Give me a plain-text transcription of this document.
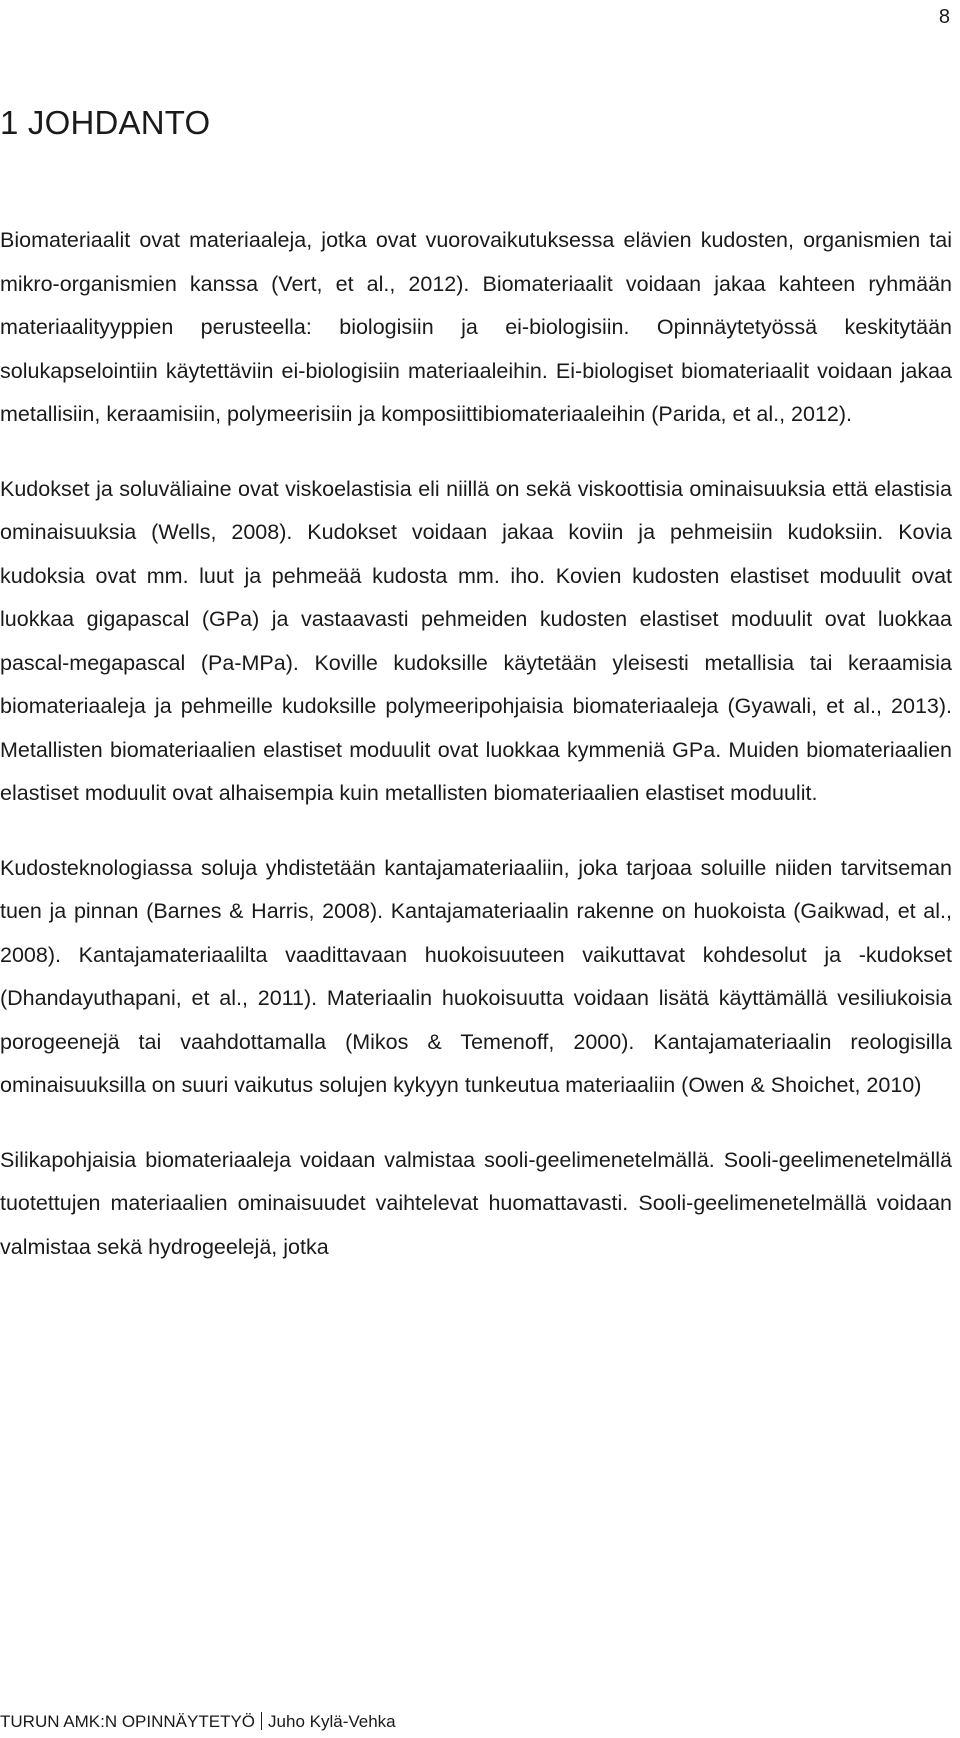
8
1 JOHDANTO

Biomateriaalit ovat materiaaleja, jotka ovat vuorovaikutuksessa elävien kudosten, organismien tai mikro-organismien kanssa (Vert, et al., 2012). Biomateriaalit voidaan jakaa kahteen ryhmään materiaalityyppien perusteella: biologisiin ja ei-biologisiin. Opinnäytetyössä keskitytään solukapselointiin käytettäviin ei-biologisiin materiaaleihin. Ei-biologiset biomateriaalit voidaan jakaa metallisiin, keraamisiin, polymeerisiin ja komposiittibiomateriaaleihin (Parida, et al., 2012).

Kudokset ja soluväliaine ovat viskoelastisia eli niillä on sekä viskoottisia ominaisuuksia että elastisia ominaisuuksia (Wells, 2008). Kudokset voidaan jakaa koviin ja pehmeisiin kudoksiin. Kovia kudoksia ovat mm. luut ja pehmeää kudosta mm. iho. Kovien kudosten elastiset moduulit ovat luokkaa gigapascal (GPa) ja vastaavasti pehmeiden kudosten elastiset moduulit ovat luokkaa pascal-megapascal (Pa-MPa). Koville kudoksille käytetään yleisesti metallisia tai keraamisia biomateriaaleja ja pehmeille kudoksille polymeeripohjaisia biomateriaaleja (Gyawali, et al., 2013). Metallisten biomateriaalien elastiset moduulit ovat luokkaa kymmeniä GPa. Muiden biomateriaalien elastiset moduulit ovat alhaisempia kuin metallisten biomateriaalien elastiset moduulit.

Kudosteknologiassa soluja yhdistetään kantajamateriaaliin, joka tarjoaa soluille niiden tarvitseman tuen ja pinnan (Barnes & Harris, 2008). Kantajamateriaalin rakenne on huokoista (Gaikwad, et al., 2008). Kantajamateriaalilta vaadittavaan huokoisuuteen vaikuttavat kohdesolut ja -kudokset (Dhandayuthapani, et al., 2011). Materiaalin huokoisuutta voidaan lisätä käyttämällä vesiliukoisia porogeenejä tai vaahdottamalla (Mikos & Temenoff, 2000). Kantajamateriaalin reologisilla ominaisuuksilla on suuri vaikutus solujen kykyyn tunkeutua materiaaliin (Owen & Shoichet, 2010)

Silikapohjaisia biomateriaaleja voidaan valmistaa sooli-geelimenetelmällä. Sooli-geelimenetelmällä tuotettujen materiaalien ominaisuudet vaihtelevat huomattavasti. Sooli-geelimenetelmällä voidaan valmistaa sekä hydrogeelejä, jotka

TURUN AMK:N OPINNÄYTETYÖ Juho Kylä-Vehka
